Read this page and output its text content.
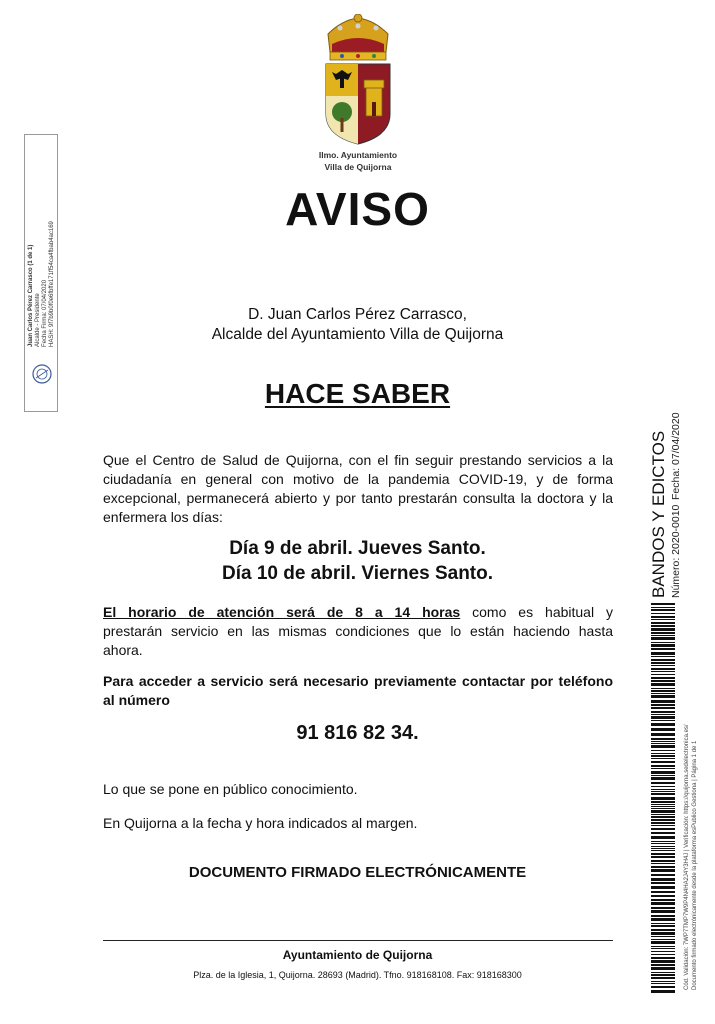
Ilmo. Ayuntamiento
Villa de Quijorna
AVISO
D. Juan Carlos Pérez Carrasco,
Alcalde del Ayuntamiento Villa de Quijorna
HACE SABER
Que el Centro de Salud de Quijorna, con el fin seguir prestando servicios a la
ciudadanía en general con motivo de la pandemia COVID-19, y de forma
excepcional, permanecerá abierto y por tanto prestarán consulta la doctora y la
enfermera los días:
Día 9 de abril. Jueves Santo.
Día 10 de abril. Viernes Santo.
El horario de atención será de 8 a 14 horas como es habitual y
prestarán servicio en las mismas condiciones que lo están haciendo hasta
ahora.
Para acceder a servicio será necesario previamente contactar por teléfono
al número
91 816 82 34.
Lo que se pone en público conocimiento.
En Quijorna a la fecha y hora indicados al margen.
DOCUMENTO FIRMADO ELECTRÓNICAMENTE
Ayuntamiento de Quijorna
Plza. de la Iglesia, 1, Quijorna. 28693 (Madrid). Tfno. 918168108. Fax: 918168300
Juan Carlos Pérez Carrasco (1 de 1) Alcalde - Presidente Fecha Firma: 07/04/2020 HASH: 9f7b9b0f0e6fbffe171ff54ca4fbab4ac169
BANDOS Y EDICTOS Número: 2020-0010
Fecha: 07/04/2020
Cód. Validación: 7WP7TMP7W9P4N4HA2J4Y3H4J | Verificación: https://quijorna.sedelectronica.es/ Documento firmado electrónicamente desde la plataforma esPublico Gestiona | Página 1 de 1
